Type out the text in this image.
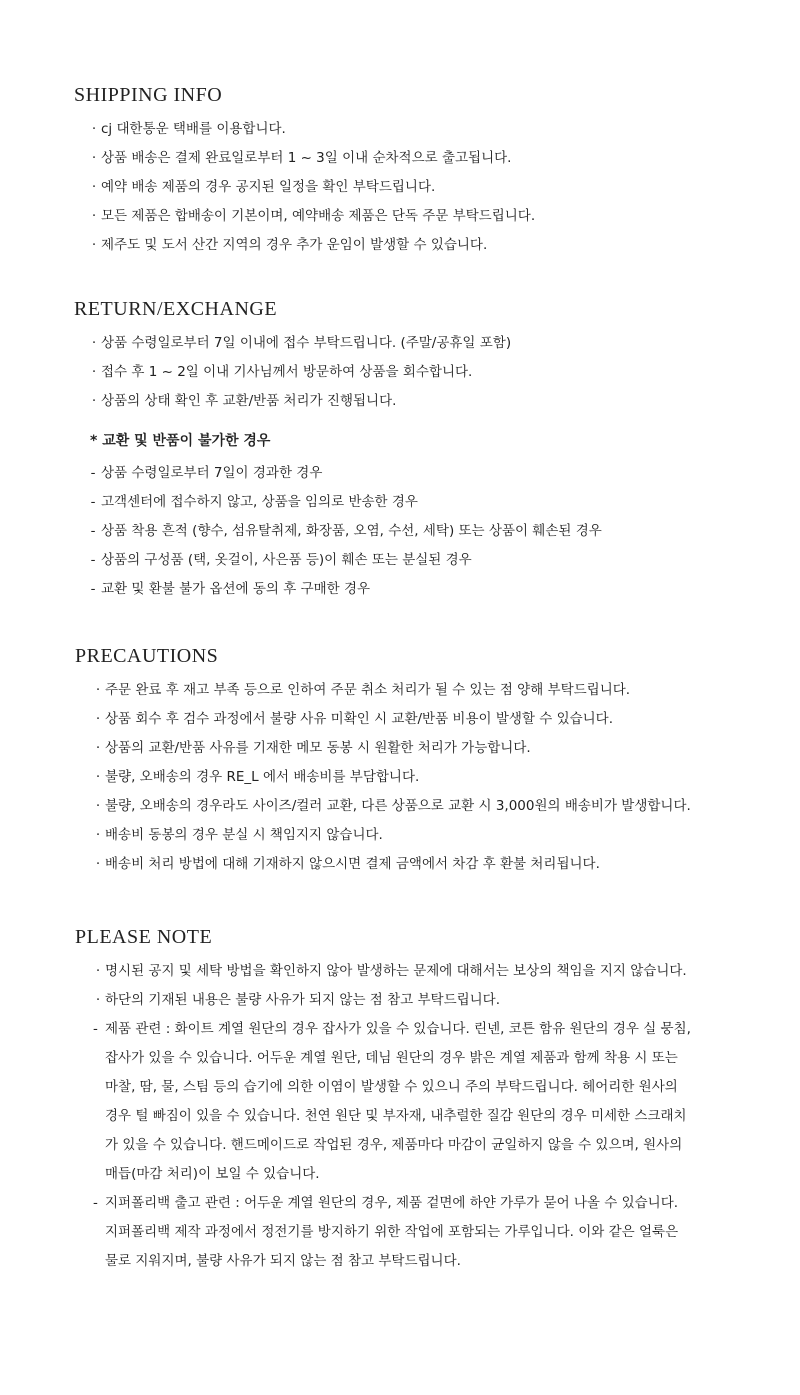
SHIPPING INFO
· cj 대한통운 택배를 이용합니다.
· 상품 배송은 결제 완료일로부터 1 ~ 3일 이내 순차적으로 출고됩니다.
· 예약 배송 제품의 경우 공지된 일정을 확인 부탁드립니다.
· 모든 제품은 합배송이 기본이며, 예약배송 제품은 단독 주문 부탁드립니다.
· 제주도 및 도서 산간 지역의 경우 추가 운임이 발생할 수 있습니다.
RETURN/EXCHANGE
· 상품 수령일로부터 7일 이내에 접수 부탁드립니다. (주말/공휴일 포함)
· 접수 후 1 ~ 2일 이내 기사님께서 방문하여 상품을 회수합니다.
· 상품의 상태 확인 후 교환/반품 처리가 진행됩니다.
* 교환 및 반품이 불가한 경우
- 상품 수령일로부터 7일이 경과한 경우
- 고객센터에 접수하지 않고, 상품을 임의로 반송한 경우
- 상품 착용 흔적 (향수, 섬유탈취제, 화장품, 오염, 수선, 세탁) 또는 상품이 훼손된 경우
- 상품의 구성품 (택, 옷걸이, 사은품 등)이 훼손 또는 분실된 경우
- 교환 및 환불 불가 옵션에 동의 후 구매한 경우
PRECAUTIONS
· 주문 완료 후 재고 부족 등으로 인하여 주문 취소 처리가 될 수 있는 점 양해 부탁드립니다.
· 상품 회수 후 검수 과정에서 불량 사유 미확인 시 교환/반품 비용이 발생할 수 있습니다.
· 상품의 교환/반품 사유를 기재한 메모 동봉 시 원활한 처리가 가능합니다.
· 불량, 오배송의 경우 RE_L 에서 배송비를 부담합니다.
· 불량, 오배송의 경우라도 사이즈/컬러 교환, 다른 상품으로 교환 시 3,000원의 배송비가 발생합니다.
· 배송비 동봉의 경우 분실 시 책임지지 않습니다.
· 배송비 처리 방법에 대해 기재하지 않으시면 결제 금액에서 차감 후 환불 처리됩니다.
PLEASE NOTE
· 명시된 공지 및 세탁 방법을 확인하지 않아 발생하는 문제에 대해서는 보상의 책임을 지지 않습니다.
· 하단의 기재된 내용은 불량 사유가 되지 않는 점 참고 부탁드립니다.
- 제품 관련 : 화이트 계열 원단의 경우 잡사가 있을 수 있습니다. 린넨, 코튼 함유 원단의 경우 실 뭉침,
잡사가 있을 수 있습니다. 어두운 계열 원단, 데님 원단의 경우 밝은 계열 제품과 함께 착용 시 또는
마찰, 땀, 물, 스팀 등의 습기에 의한 이염이 발생할 수 있으니 주의 부탁드립니다. 헤어리한 원사의
경우 털 빠짐이 있을 수 있습니다. 천연 원단 및 부자재, 내추럴한 질감 원단의 경우 미세한 스크래치
가 있을 수 있습니다. 핸드메이드로 작업된 경우, 제품마다 마감이 균일하지 않을 수 있으며, 원사의
매듭(마감 처리)이 보일 수 있습니다.
- 지퍼폴리백 출고 관련 : 어두운 계열 원단의 경우, 제품 겉면에 하얀 가루가 묻어 나올 수 있습니다.
지퍼폴리백 제작 과정에서 정전기를 방지하기 위한 작업에 포함되는 가루입니다. 이와 같은 얼룩은
물로 지워지며, 불량 사유가 되지 않는 점 참고 부탁드립니다.
